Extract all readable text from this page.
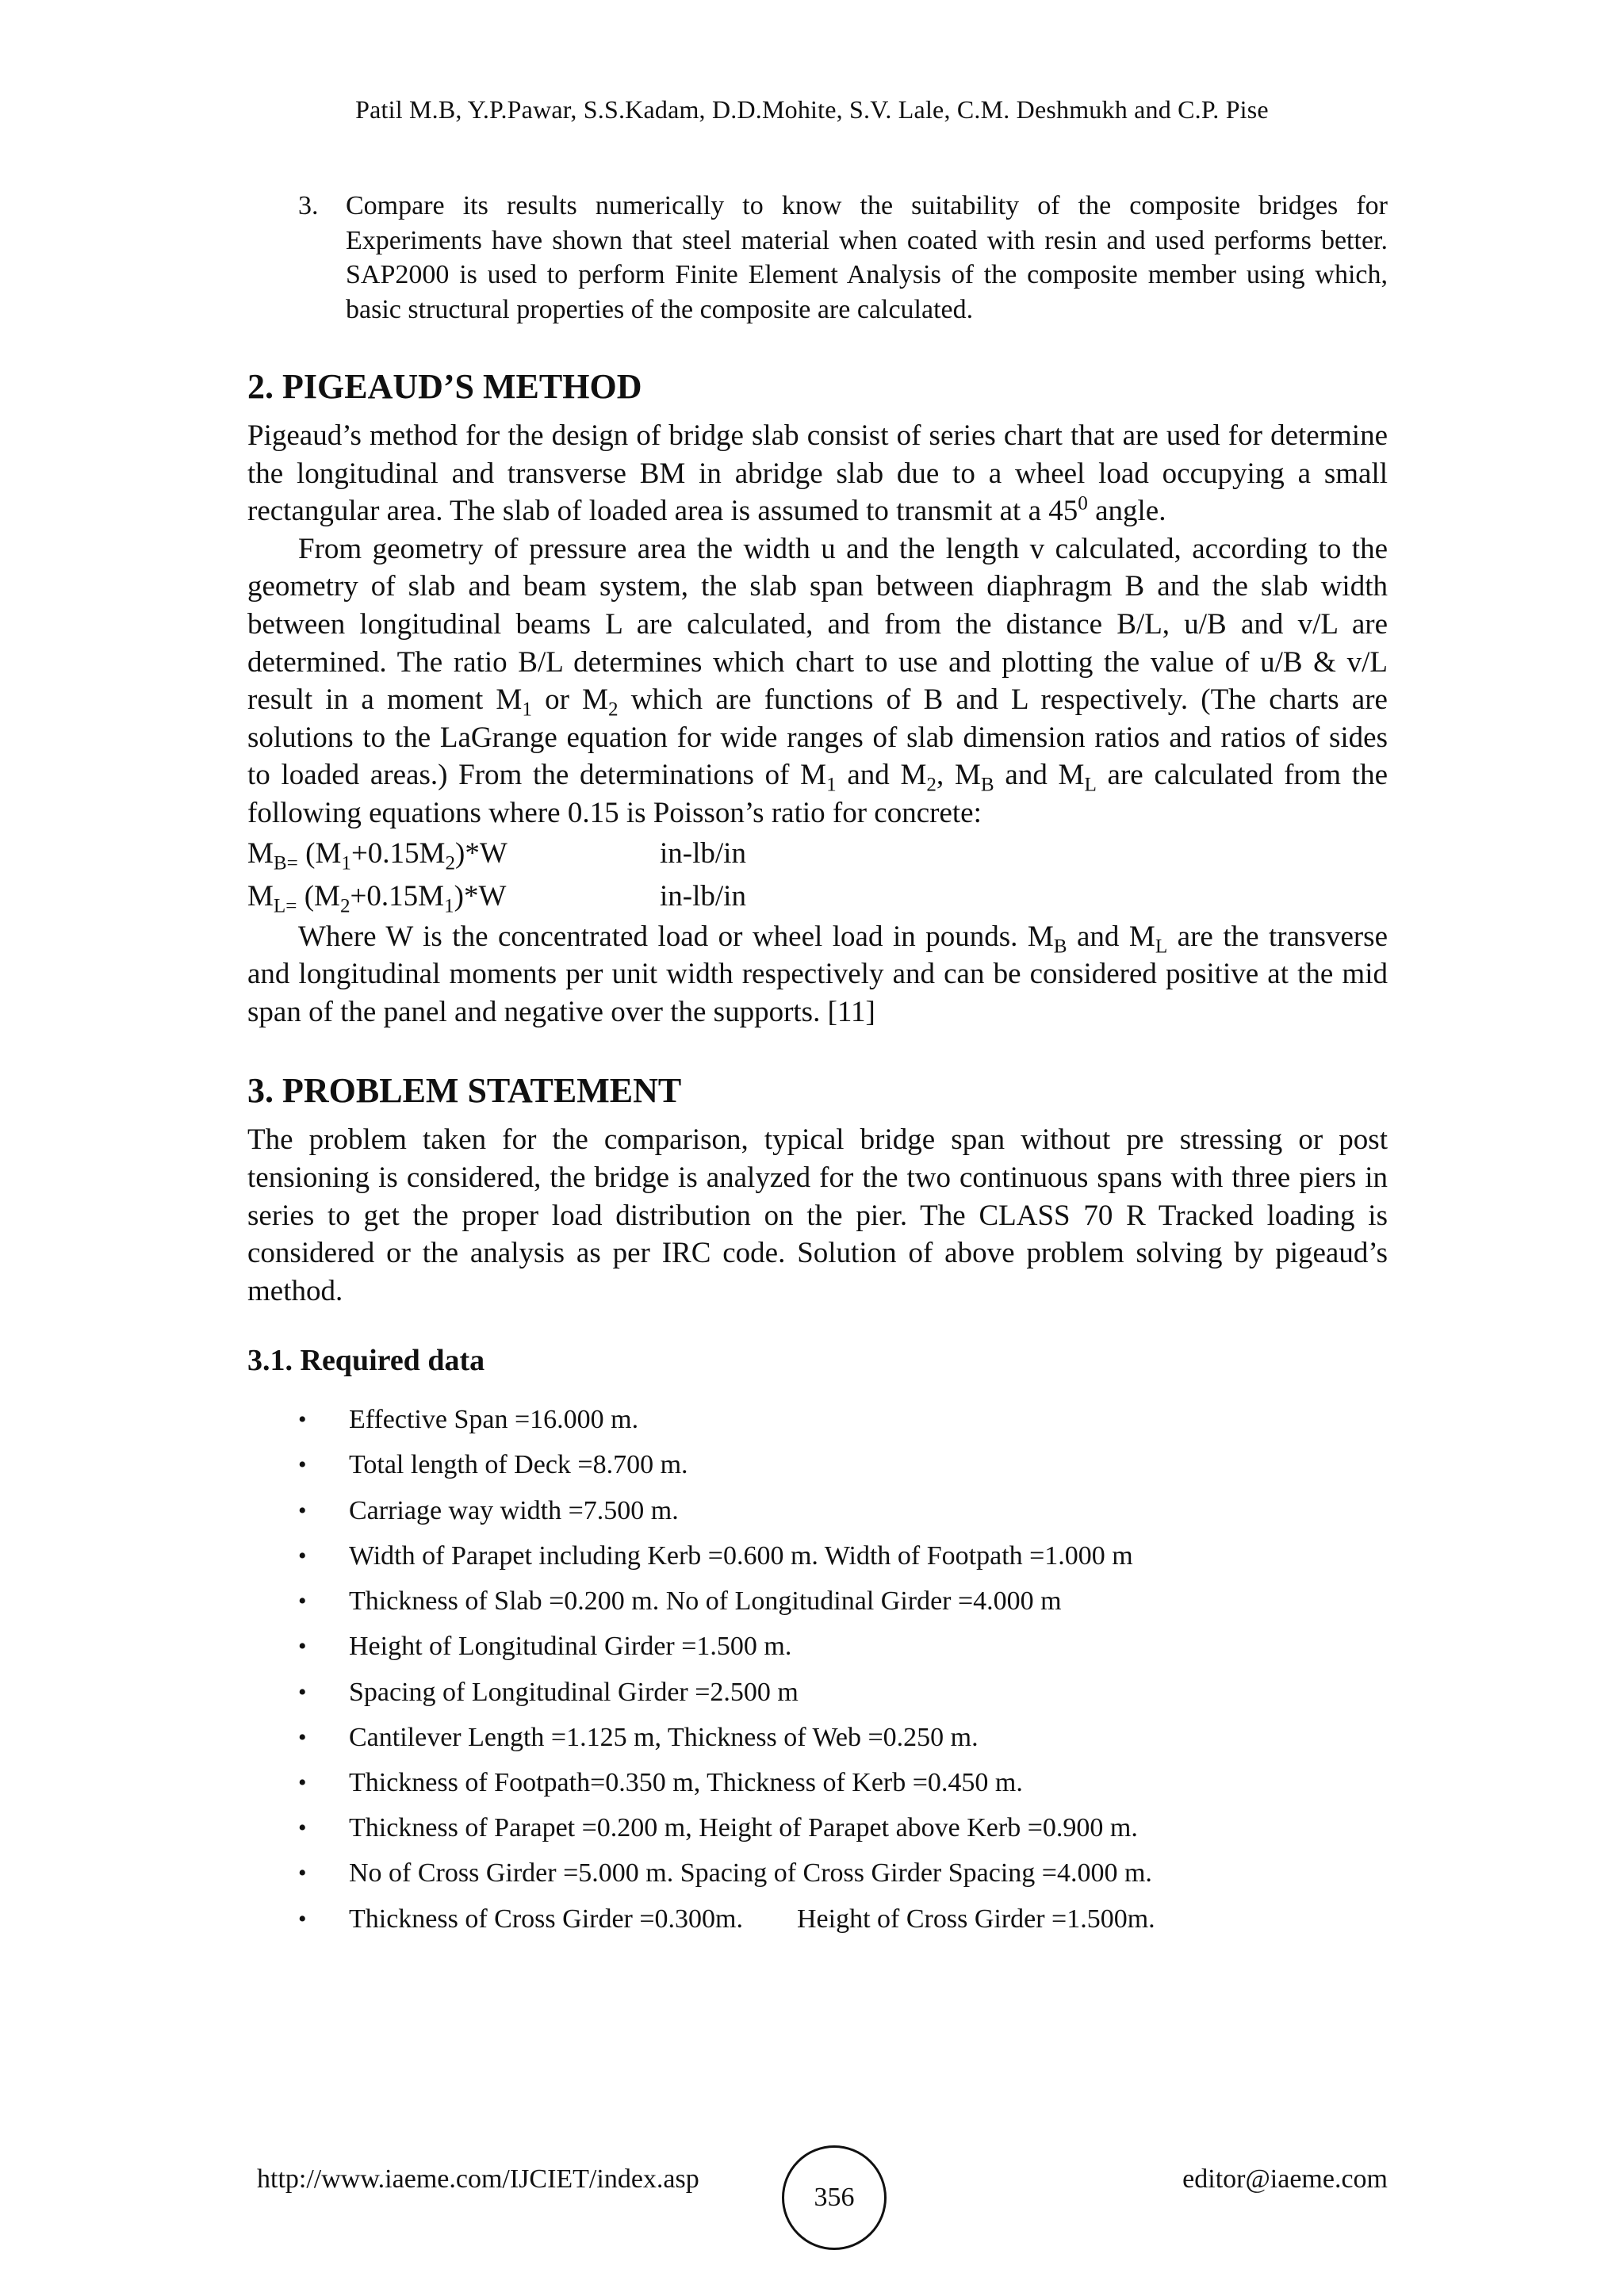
Patil M.B, Y.P.Pawar, S.S.Kadam, D.D.Mohite, S.V. Lale, C.M. Deshmukh and C.P. Pise
3.	Compare its results numerically to know the suitability of the composite bridges for Experiments have shown that steel material when coated with resin and used performs better. SAP2000 is used to perform Finite Element Analysis of the composite member using which, basic structural properties of the composite are calculated.
2. PIGEAUD’S METHOD

Pigeaud’s method for the design of bridge slab consist of series chart that are used for determine the longitudinal and transverse BM in abridge slab due to a wheel load occupying a small rectangular area. The slab of loaded area is assumed to transmit at a $45^0$ angle.

From geometry of pressure area the width u and the length v calculated, according to the geometry of slab and beam system, the slab span between diaphragm B and the slab width between longitudinal beams L are calculated, and from the distance B/L, u/B and v/L are determined. The ratio B/L determines which chart to use and plotting the value of u/B & v/L result in a moment $M_1$ or $M_2$ which are functions of B and L respectively. (The charts are solutions to the LaGrange equation for wide ranges of slab dimension ratios and ratios of sides to loaded areas.) From the determinations of $M_1$ and $M_2$, $M_B$ and $M_L$ are calculated from the following equations where 0.15 is Poisson’s ratio for concrete:

$M_{B=}$ $(M_1+0.15M_2)*W$	in-lb/in
$M_{L=}$ $(M_2+0.15M_1)*W$	in-lb/in

Where W is the concentrated load or wheel load in pounds. $M_B$ and $M_L$ are the transverse and longitudinal moments per unit width respectively and can be considered positive at the mid span of the panel and negative over the supports. [11]

3. PROBLEM STATEMENT

The problem taken for the comparison, typical bridge span without pre stressing or post tensioning is considered, the bridge is analyzed for the two continuous spans with three piers in series to get the proper load distribution on the pier. The CLASS 70 R Tracked loading is considered or the analysis as per IRC code. Solution of above problem solving by pigeaud’s method.

3.1. Required data
•	Effective Span =16.000 m.
•	Total length of Deck =8.700 m.
•	Carriage way width =7.500 m.
•	Width of Parapet including Kerb =0.600 m. Width of Footpath =1.000 m
•	Thickness of Slab =0.200 m. No of Longitudinal Girder =4.000 m
•	Height of Longitudinal Girder =1.500 m.
•	Spacing of Longitudinal Girder =2.500 m
•	Cantilever Length =1.125 m, Thickness of Web =0.250 m.
•	Thickness of Footpath=0.350 m, Thickness of Kerb =0.450 m.
•	Thickness of Parapet =0.200 m, Height of Parapet above Kerb =0.900 m.
•	No of Cross Girder =5.000 m. Spacing of Cross Girder Spacing =4.000 m.
•	Thickness of Cross Girder =0.300m.        Height of Cross Girder =1.500m.
http://www.iaeme.com/IJCIET/index.asp
356
editor@iaeme.com
